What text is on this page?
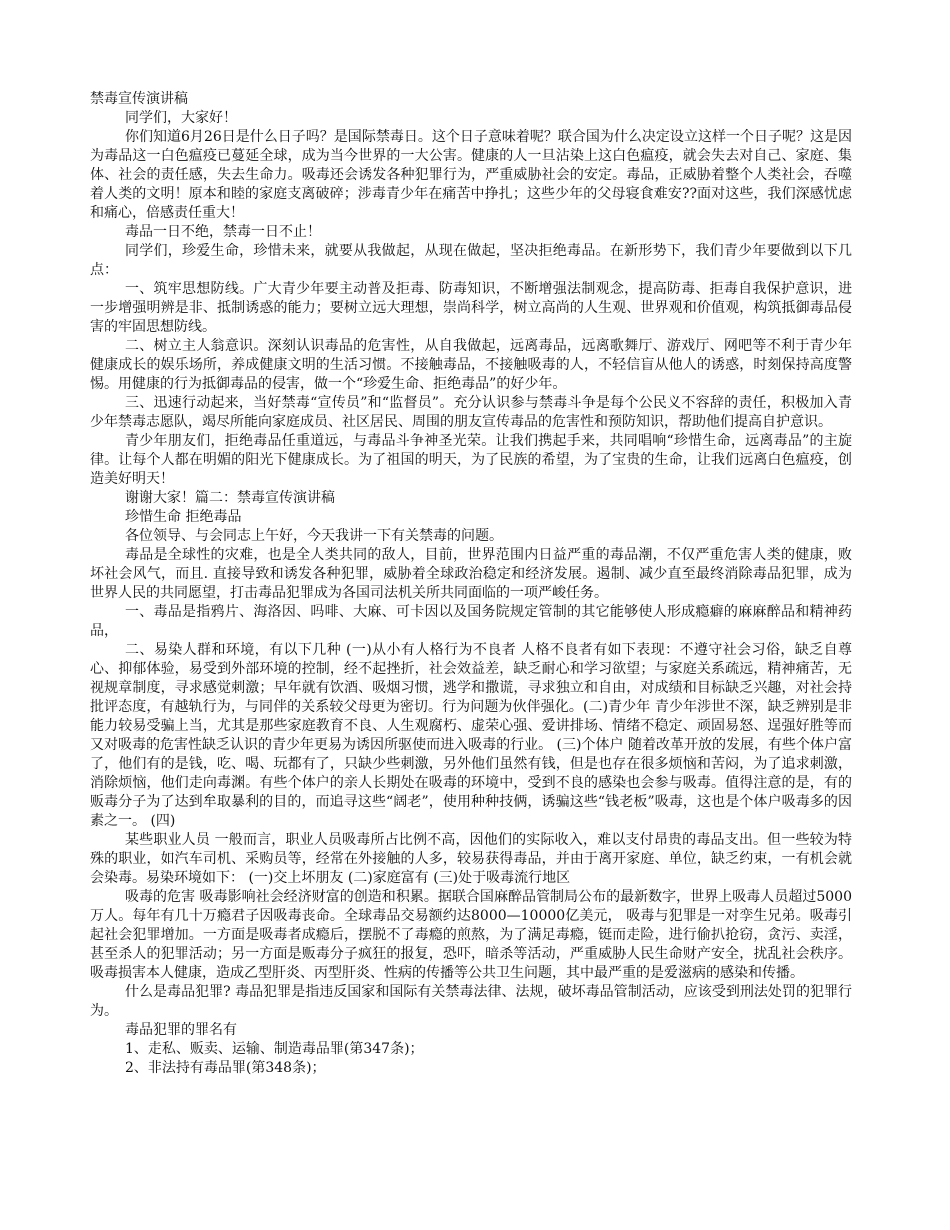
禁毒宣传演讲稿

同学们，大家好！

你们知道6月26日是什么日子吗？是国际禁毒日。这个日子意味着呢？联合国为什么决定设立这样一个日子呢？这是因为毒品这一白色瘟疫已蔓延全球，成为当今世界的一大公害。健康的人一旦沾染上这白色瘟疫，就会失去对自己、家庭、集体、社会的责任感，失去生命力。吸毒还会诱发各种犯罪行为，严重威胁社会的安定。毒品，正威胁着整个人类社会，吞噬着人类的文明！原本和睦的家庭支离破碎；涉毒青少年在痛苦中挣扎；这些少年的父母寝食难安??面对这些，我们深感忧虑和痛心，倍感责任重大！

毒品一日不绝，禁毒一日不止！

同学们，珍爱生命，珍惜未来，就要从我做起，从现在做起，坚决拒绝毒品。在新形势下，我们青少年要做到以下几点：

一、筑牢思想防线。广大青少年要主动普及拒毒、防毒知识，不断增强法制观念，提高防毒、拒毒自我保护意识，进一步增强明辨是非、抵制诱惑的能力；要树立远大理想，崇尚科学，树立高尚的人生观、世界观和价值观，构筑抵御毒品侵害的牢固思想防线。

二、树立主人翁意识。深刻认识毒品的危害性，从自我做起，远离毒品，远离歌舞厅、游戏厅、网吧等不利于青少年健康成长的娱乐场所，养成健康文明的生活习惯。不接触毒品，不接触吸毒的人，不轻信盲从他人的诱惑，时刻保持高度警惕。用健康的行为抵御毒品的侵害，做一个“珍爱生命、拒绝毒品”的好少年。

三、迅速行动起来，当好禁毒“宣传员”和“监督员”。充分认识参与禁毒斗争是每个公民义不容辞的责任，积极加入青少年禁毒志愿队，竭尽所能向家庭成员、社区居民、周围的朋友宣传毒品的危害性和预防知识，帮助他们提高自护意识。

青少年朋友们，拒绝毒品任重道远，与毒品斗争神圣光荣。让我们携起手来，共同唱响“珍惜生命，远离毒品”的主旋律。让每个人都在明媚的阳光下健康成长。为了祖国的明天，为了民族的希望，为了宝贵的生命，让我们远离白色瘟疫，创造美好明天！

谢谢大家！篇二：禁毒宣传演讲稿

珍惜生命 拒绝毒品

各位领导、与会同志上午好，今天我讲一下有关禁毒的问题。

毒品是全球性的灾难，也是全人类共同的敌人，目前，世界范围内日益严重的毒品潮，不仅严重危害人类的健康，败坏社会风气，而且. 直接导致和诱发各种犯罪，威胁着全球政治稳定和经济发展。遏制、减少直至最终消除毒品犯罪，成为世界人民的共同愿望，打击毒品犯罪成为各国司法机关所共同面临的一项严峻任务。

一、毒品是指鸦片、海洛因、吗啡、大麻、可卡因以及国务院规定管制的其它能够使人形成瘾癖的麻麻醉品和精神药品，

二、易染人群和环境，有以下几种 (一)从小有人格行为不良者 人格不良者有如下表现：不遵守社会习俗，缺乏自尊心、抑郁体验，易受到外部环境的控制，经不起挫折，社会效益差，缺乏耐心和学习欲望；与家庭关系疏远，精神痛苦，无视规章制度，寻求感觉刺激；早年就有饮酒、吸烟习惯，逃学和撒谎，寻求独立和自由，对成绩和目标缺乏兴趣，对社会持批评态度，有越轨行为，与同伴的关系较父母更为密切。行为问题为伙伴强化。(二)青少年 青少年涉世不深，缺乏辨别是非能力较易受骗上当，尤其是那些家庭教育不良、人生观腐朽、虚荣心强、爱讲排场、情绪不稳定、顽固易怒、逞强好胜等而又对吸毒的危害性缺乏认识的青少年更易为诱因所驱使而进入吸毒的行业。 (三)个体户 随着改革开放的发展，有些个体户富了，他们有的是钱，吃、喝、玩都有了，只缺少些刺激，另外他们虽然有钱，但是也存在很多烦恼和苦闷，为了追求刺激，消除烦恼，他们走向毒渊。有些个体户的亲人长期处在吸毒的环境中，受到不良的感染也会参与吸毒。值得注意的是，有的贩毒分子为了达到牟取暴利的目的，而追寻这些“阔老”，使用种种技俩，诱骗这些“钱老板”吸毒，这也是个体户吸毒多的因素之一。 (四)

某些职业人员 一般而言，职业人员吸毒所占比例不高，因他们的实际收入，难以支付昂贵的毒品支出。但一些较为特殊的职业，如汽车司机、采购员等，经常在外接触的人多，较易获得毒品，并由于离开家庭、单位，缺乏约束，一有机会就会染毒。易染环境如下： (一)交上坏朋友 (二)家庭富有 (三)处于吸毒流行地区

吸毒的危害 吸毒影响社会经济财富的创造和积累。据联合国麻醉品管制局公布的最新数字，世界上吸毒人员超过5000万人。每年有几十万瘾君子因吸毒丧命。全球毒品交易额约达8000—10000亿美元， 吸毒与犯罪是一对孪生兄弟。吸毒引起社会犯罪增加。一方面是吸毒者成瘾后，摆脱不了毒瘾的煎熬，为了满足毒瘾，铤而走险，进行偷扒抢窃，贪污、卖淫，甚至杀人的犯罪活动；另一方面是贩毒分子疯狂的报复，恐吓，暗杀等活动，严重威胁人民生命财产安全，扰乱社会秩序。 吸毒损害本人健康，造成乙型肝炎、丙型肝炎、性病的传播等公共卫生问题，其中最严重的是爱滋病的感染和传播。

什么是毒品犯罪? 毒品犯罪是指违反国家和国际有关禁毒法律、法规，破坏毒品管制活动，应该受到刑法处罚的犯罪行为。

毒品犯罪的罪名有

1、走私、贩卖、运输、制造毒品罪(第347条)；

2、非法持有毒品罪(第348条)；
